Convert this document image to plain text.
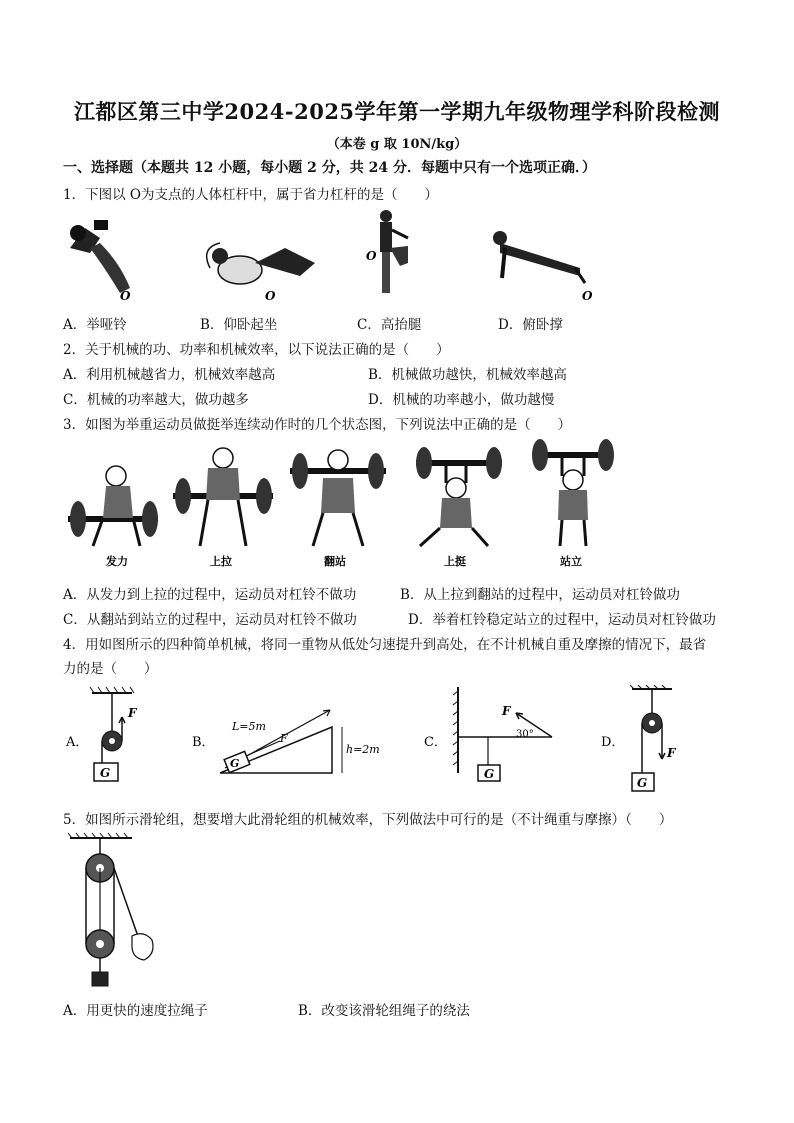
江都区第三中学2024-2025学年第一学期九年级物理学科阶段检测
（本卷 g 取 10N/kg）
一、选择题（本题共 12 小题，每小题 2 分，共 24 分．每题中只有一个选项正确．）
1．下图以 O为支点的人体杠杆中，属于省力杠杆的是（　　）
O	O
O
O
A．举哑铃	B．仰卧起坐	C．高抬腿	D．俯卧撑
2．关于机械的功、功率和机械效率，以下说法正确的是（　　）
A．利用机械越省力，机械效率越高	B．机械做功越快，机械效率越高
C．机械的功率越大，做功越多	D．机械的功率越小，做功越慢
3．如图为举重运动员做挺举连续动作时的几个状态图，下列说法中正确的是（　　）
发力	上拉	翻站	上挺	站立
A．从发力到上拉的过程中，运动员对杠铃不做功	B．从上拉到翻站的过程中，运动员对杠铃做功
C．从翻站到站立的过程中，运动员对杠铃不做功	D．举着杠铃稳定站立的过程中，运动员对杠铃做功
4．用如图所示的四种简单机械，将同一重物从低处匀速提升到高处，在不计机械自重及摩擦的情况下，最省
力的是（　　）
A．
F
G
B．
L=5m
F
h=2m
G
C．
F
30°
G
D．
F
G
5．如图所示滑轮组，想要增大此滑轮组的机械效率，下列做法中可行的是（不计绳重与摩擦）（　　）
A．用更快的速度拉绳子	B．改变该滑轮组绳子的绕法
